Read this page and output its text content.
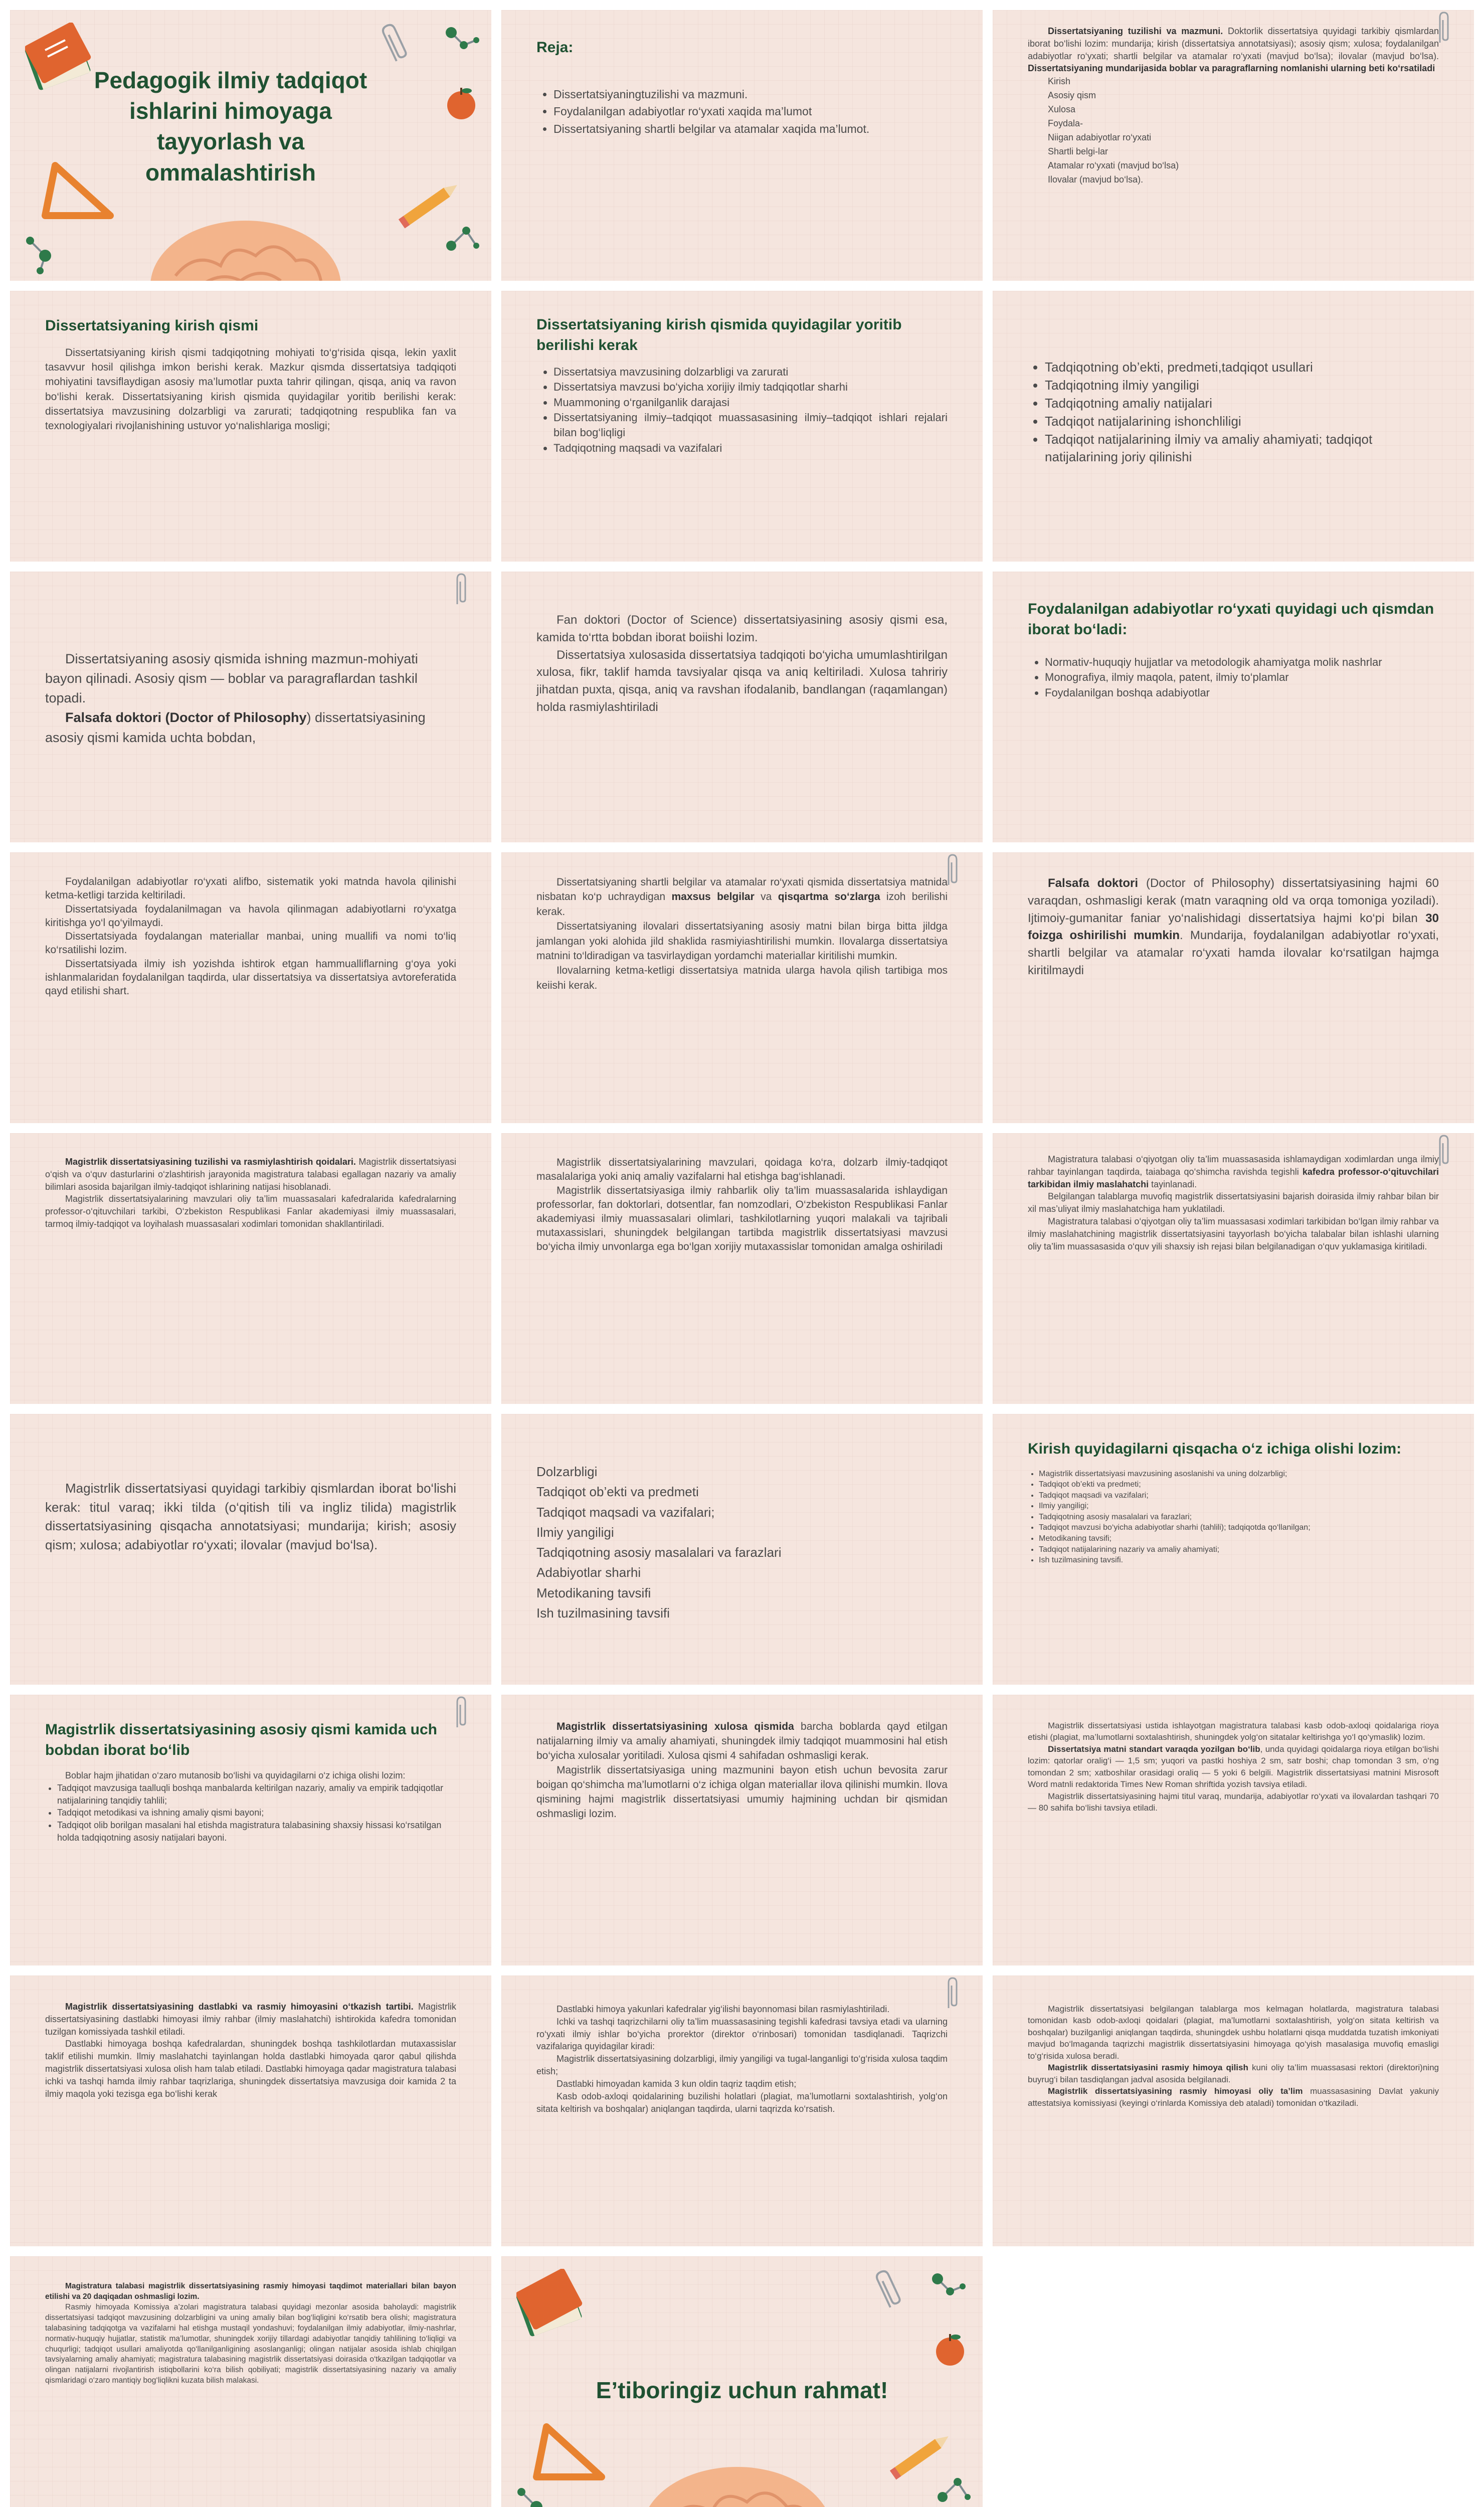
Pedagogik ilmiy tadqiqot ishlarini himoyaga tayyorlash va ommalashtirish
Reja:
• Dissertatsiyaningtuzilishi va mazmuni.
• Foydalanilgan adabiyotlar ro‘yxati xaqida ma’lumot
• Dissertatsiyaning shartli belgilar va atamalar xaqida ma’lumot.

Dissertatsiyaning tuzilishi va mazmuni. Doktorlik dissertatsiya quyidagi tarkibiy qismlardan iborat bo‘lishi lozim: mundarija; kirish (dissertatsiya annotatsiyasi); asosiy qism; xulosa; foydalanilgan adabiyotlar ro‘yxati; shartli belgilar va atamalar ro‘yxati (mavjud bo‘lsa); ilovalar (mavjud bo‘lsa). Dissertatsiyaning mundarijasida boblar va paragraflarning nomlanishi ularning beti ko‘rsatiladi

Kirish
Asosiy qism
Xulosa
Foydala-
Niigan adabiyotlar ro‘yxati
Shartli belgi-lar
Atamalar ro‘yxati (mavjud bo‘lsa)
Ilovalar (mavjud bo‘lsa).
Dissertatsiyaning kirish qismi

Dissertatsiyaning kirish qismi tadqiqotning mohiyati to‘g‘risida qisqa, lekin yaxlit tasavvur hosil qilishga imkon berishi kerak. Mazkur qismda dissertatsiya tadqiqoti mohiyatini tavsiflaydigan asosiy ma’lumotlar puxta tahrir qilingan, qisqa, aniq va ravon bo‘lishi kerak. Dissertatsiyaning kirish qismida quyidagilar yoritib berilishi kerak: dissertatsiya mavzusining dolzarbligi va zarurati; tadqiqotning respublika fan va texnologiyalari rivojlanishining ustuvor yo‘nalishlariga mosligi;

Dissertatsiyaning kirish qismida quyidagilar yoritib berilishi kerak
• Dissertatsiya mavzusining dolzarbligi va zarurati
• Dissertatsiya mavzusi bo‘yicha xorijiy ilmiy tadqiqotlar sharhi
• Muammoning o‘rganilganlik darajasi
• Dissertatsiyaning ilmiy–tadqiqot muassasasining ilmiy–tadqiqot ishlari rejalari bilan bog‘liqligi
• Tadqiqotning maqsadi va vazifalari
• Tadqiqotning ob’ekti, predmeti,tadqiqot usullari
• Tadqiqotning ilmiy yangiligi
• Tadqiqotning amaliy natijalari
• Tadqiqot natijalarining ishonchliligi
• Tadqiqot natijalarining ilmiy va amaliy ahamiyati; tadqiqot natijalarining joriy qilinishi

Dissertatsiyaning asosiy qismida ishning mazmun-mohiyati bayon qilinadi. Asosiy qism — boblar va paragraflardan tashkil topadi.

Falsafa doktori (Doctor of Philosophy) dissertatsiyasining asosiy qismi kamida uchta bobdan,

Fan doktori (Doctor of Science) dissertatsiyasining asosiy qismi esa, kamida to‘rtta bobdan iborat boiishi lozim.

Dissertatsiya xulosasida dissertatsiya tadqiqoti bo‘yicha umumlashtirilgan xulosa, fikr, taklif hamda tavsiyalar qisqa va aniq keltiriladi. Xulosa tahririy jihatdan puxta, qisqa, aniq va ravshan ifodalanib, bandlangan (raqamlangan) holda rasmiylashtiriladi

Foydalanilgan adabiyotlar ro‘yxati quyidagi uch qismdan iborat bo‘ladi:
• Normativ-huquqiy hujjatlar va metodologik ahamiyatga molik nashrlar
• Monografiya, ilmiy maqola, patent, ilmiy to‘plamlar
• Foydalanilgan boshqa adabiyotlar

Foydalanilgan adabiyotlar ro‘yxati alifbo, sistematik yoki matnda havola qilinishi ketma-ketligi tarzida keltiriladi.

Dissertatsiyada foydalanilmagan va havola qilinmagan adabiyotlarni ro‘yxatga kiritishga yo‘l qo‘yilmaydi.

Dissertatsiyada foydalangan materiallar manbai, uning muallifi va nomi to‘liq ko‘rsatilishi lozim.

Dissertatsiyada ilmiy ish yozishda ishtirok etgan hammualliflarning g‘oya yoki ishlanmalaridan foydalanilgan taqdirda, ular dissertatsiya va dissertatsiya avtoreferatida qayd etilishi shart.

Dissertatsiyaning shartli belgilar va atamalar ro‘yxati qismida dissertatsiya matnida nisbatan ko‘p uchraydigan maxsus belgilar va qisqartma so‘zlarga izoh berilishi kerak.

Dissertatsiyaning ilovalari dissertatsiyaning asosiy matni bilan birga bitta jildga jamlangan yoki alohida jild shaklida rasmiyiashtirilishi mumkin. Ilovalarga dissertatsiya matnini to‘ldiradigan va tasvirlaydigan yordamchi materiallar kiritilishi mumkin.

Ilovalarning ketma-ketligi dissertatsiya matnida ularga havola qilish tartibiga mos keiishi kerak.

Falsafa doktori (Doctor of Philosophy) dissertatsiyasining hajmi 60 varaqdan, oshmasligi kerak (matn varaqning old va orqa tomoniga yoziladi). Ijtimoiy-gumanitar faniar yo‘nalishidagi dissertatsiya hajmi ko‘pi bilan 30 foizga oshirilishi mumkin. Mundarija, foydalanilgan adabiyotlar ro‘yxati, shartli belgilar va atamalar ro‘yxati hamda ilovalar ko‘rsatilgan hajmga kiritilmaydi

Magistrlik dissertatsiyasining tuzilishi va rasmiylashtirish qoidalari. Magistrlik dissertatsiyasi o‘qish va o‘quv dasturlarini o‘zlashtirish jarayonida magistratura talabasi egallagan nazariy va amaliy bilimlari asosida bajarilgan ilmiy-tadqiqot ishlarining natijasi hisoblanadi.

Magistrlik dissertatsiyalarining mavzulari oliy ta’lim muassasalari kafedralarida kafedralarning professor-o‘qituvchilari tarkibi, O‘zbekiston Respublikasi Fanlar akademiyasi ilmiy muassasalari, tarmoq ilmiy-tadqiqot va loyihalash muassasalari xodimlari tomonidan shakllantiriladi.

Magistrlik dissertatsiyalarining mavzulari, qoidaga ko‘ra, dolzarb ilmiy-tadqiqot masalalariga yoki aniq amaliy vazifalarni hal etishga bag‘ishlanadi.

Magistrlik dissertatsiyasiga ilmiy rahbarlik oliy ta’lim muassasalarida ishlaydigan professorlar, fan doktorlari, dotsentlar, fan nomzodlari, O‘zbekiston Respublikasi Fanlar akademiyasi ilmiy muassasalari olimlari, tashkilotlarning yuqori malakali va tajribali mutaxassislari, shuningdek belgilangan tartibda magistrlik dissertatsiyasi mavzusi bo‘yicha ilmiy unvonlarga ega bo‘lgan xorijiy mutaxassislar tomonidan amalga oshiriladi

Magistratura talabasi o‘qiyotgan oliy ta’lim muassasasida ishlamaydigan xodimlardan unga ilmiy rahbar tayinlangan taqdirda, taiabaga qo‘shimcha ravishda tegishli kafedra professor-o‘qituvchilari tarkibidan ilmiy maslahatchi tayinlanadi.

Belgilangan talablarga muvofiq magistrlik dissertatsiyasini bajarish doirasida ilmiy rahbar bilan bir xil mas’uliyat ilmiy maslahatchiga ham yuklatiladi.

Magistratura talabasi o‘qiyotgan oliy ta’lim muassasasi xodimlari tarkibidan bo‘lgan ilmiy rahbar va ilmiy maslahatchining magistrlik dissertatsiyasini tayyorlash bo‘yicha talabalar bilan ishlashi ularning oliy ta’lim muassasasida o‘quv yili shaxsiy ish rejasi bilan belgilanadigan o‘quv yuklamasiga kiritiladi.

Magistrlik dissertatsiyasi quyidagi tarkibiy qismlardan iborat bo‘lishi kerak: titul varaq; ikki tilda (o‘qitish tili va ingliz tilida) magistrlik dissertatsiyasining qisqacha annotatsiyasi; mundarija; kirish; asosiy qism; xulosa; adabiyotlar ro‘yxati; ilovalar (mavjud bo‘lsa).

Dolzarbligi
Tadqiqot ob’ekti va predmeti
Tadqiqot maqsadi va vazifalari;
Ilmiy yangiligi
Tadqiqotning asosiy masalalari va farazlari
Adabiyotlar sharhi
Metodikaning tavsifi
Ish tuzilmasining tavsifi
Kirish quyidagilarni qisqacha o‘z ichiga olishi lozim:
• Magistrlik dissertatsiyasi mavzusining asoslanishi va uning dolzarbligi;
• Tadqiqot ob’ekti va predmeti;
• Tadqiqot maqsadi va vazifalari;
• Ilmiy yangiligi;
• Tadqiqotning asosiy masalalari va farazlari;
• Tadqiqot mavzusi bo‘yicha adabiyotlar sharhi (tahlili); tadqiqotda qo‘llanilgan;
• Metodikaning tavsifi;
• Tadqiqot natijalarining nazariy va amaliy ahamiyati;
• Ish tuzilmasining tavsifi.
Magistrlik dissertatsiyasining asosiy qismi kamida uch bobdan iborat bo‘lib

Boblar hajm jihatidan o‘zaro mutanosib bo‘lishi va quyidagilarni o‘z ichiga olishi lozim:

• Tadqiqot mavzusiga taalluqli boshqa manbalarda keltirilgan nazariy, amaliy va empirik tadqiqotlar natijalarining tanqidiy tahlili;
• Tadqiqot metodikasi va ishning amaliy qismi bayoni;
• Tadqiqot olib borilgan masalani hal etishda magistratura talabasining shaxsiy hissasi ko‘rsatilgan holda tadqiqotning asosiy natijalari bayoni.

Magistrlik dissertatsiyasining xulosa qismida barcha boblarda qayd etilgan natijalarning ilmiy va amaliy ahamiyati, shuningdek ilmiy tadqiqot muammosini hal etish bo‘yicha xulosalar yoritiladi. Xulosa qismi 4 sahifadan oshmasligi kerak.

Magistrlik dissertatsiyasiga uning mazmunini bayon etish uchun bevosita zarur boigan qo‘shimcha ma’lumotlarni o‘z ichiga olgan materiallar ilova qilinishi mumkin. Ilova qismining hajmi magistrlik dissertatsiyasi umumiy hajmining uchdan bir qismidan oshmasligi lozim.

Magistrlik dissertatsiyasi ustida ishlayotgan magistratura talabasi kasb odob-axloqi qoidalariga rioya etishi (plagiat, ma’lumotlarni soxtalashtirish, shuningdek yolg‘on sitatalar keltirishga yo‘l qo‘ymaslik) lozim.

Dissertatsiya matni standart varaqda yozilgan bo‘lib, unda quyidagi qoidalarga rioya etilgan bo‘lishi lozim: qatorlar oralig‘i — 1,5 sm; yuqori va pastki hoshiya 2 sm, satr boshi; chap tomondan 3 sm, o‘ng tomondan 2 sm; xatboshilar orasidagi oraliq — 5 yoki 6 belgili. Magistrlik dissertatsiyasi matnini Misrosoft Word matnli redaktorida Times New Roman shriftida yozish tavsiya etiladi.

Magistrlik dissertatsiyasining hajmi titul varaq, mundarija, adabiyotlar ro‘yxati va ilovalardan tashqari 70 — 80 sahifa bo‘lishi tavsiya etiladi.

Magistrlik dissertatsiyasining dastlabki va rasmiy himoyasini o‘tkazish tartibi. Magistrlik dissertatsiyasining dastlabki himoyasi ilmiy rahbar (ilmiy maslahatchi) ishtirokida kafedra tomonidan tuzilgan komissiyada tashkil etiladi.

Dastlabki himoyaga boshqa kafedralardan, shuningdek boshqa tashkilotlardan mutaxassislar taklif etilishi mumkin. Ilmiy maslahatchi tayinlangan holda dastlabki himoyada qaror qabul qilishda magistrlik dissertatsiyasi xulosa olish ham talab etiladi. Dastlabki himoyaga qadar magistratura talabasi ichki va tashqi hamda ilmiy rahbar taqrizlariga, shuningdek dissertatsiya mavzusiga doir kamida 2 ta ilmiy maqola yoki tezisga ega bo‘lishi kerak

Dastlabki himoya yakunlari kafedralar yig‘ilishi bayonnomasi bilan rasmiylashtiriladi.

Ichki va tashqi taqrizchilarni oliy ta’lim muassasasining tegishli kafedrasi tavsiya etadi va ularning ro‘yxati ilmiy ishlar bo‘yicha prorektor (direktor o‘rinbosari) tomonidan tasdiqlanadi. Taqrizchi vazifalariga quyidagilar kiradi:

Magistrlik dissertatsiyasining dolzarbligi, ilmiy yangiligi va tugal-langanligi to‘g‘risida xulosa taqdim etish;

Dastlabki himoyadan kamida 3 kun oldin taqriz taqdim etish;

Kasb odob-axloqi qoidalarining buzilishi holatlari (plagiat, ma’lumotlarni soxtalashtirish, yolg‘on sitata keltirish va boshqalar) aniqlangan taqdirda, ularni taqrizda ko‘rsatish.

Magistrlik dissertatsiyasi belgilangan talablarga mos kelmagan holatlarda, magistratura talabasi tomonidan kasb odob-axloqi qoidalari (plagiat, ma’lumotlarni soxtalashtirish, yolg‘on sitata keltirish va boshqalar) buzilganligi aniqlangan taqdirda, shuningdek ushbu holatlarni qisqa muddatda tuzatish imkoniyati mavjud bo‘lmaganda taqrizchi magistrlik dissertatsiyasini himoyaga qo‘yish masalasiga muvofiq emasligi to‘g‘risida xulosa beradi.

Magistrlik dissertatsiyasini rasmiy himoya qilish kuni oliy ta’lim muassasasi rektori (direktori)ning buyrug‘i bilan tasdiqlangan jadval asosida belgilanadi.

Magistrlik dissertatsiyasining rasmiy himoyasi oliy ta’lim muassasasining Davlat yakuniy attestatsiya komissiyasi (keyingi o‘rinlarda Komissiya deb ataladi) tomonidan o‘tkaziladi.

Magistratura talabasi magistrlik dissertatsiyasining rasmiy himoyasi taqdimot materiallari bilan bayon etilishi va 20 daqiqadan oshmasligi lozim.

Rasmiy himoyada Komissiya a’zolari magistratura talabasi quyidagi mezonlar asosida baholaydi: magistrlik dissertatsiyasi tadqiqot mavzusining dolzarbligini va uning amaliy bilan bog‘liqligini ko‘rsatib bera olishi; magistratura talabasining tadqiqotga va vazifalarni hal etishga mustaqil yondashuvi; foydalanilgan ilmiy adabiyotlar, ilmiy-nashrlar, normativ-huquqiy hujjatlar, statistik ma’lumotlar, shuningdek xorijiy tillardagi adabiyotlar tanqidiy tahlilining to‘liqligi va chuqurligi; tadqiqot usullari amaliyotda qo‘llanilganligining asoslanganligi; olingan natijalar asosida ishlab chiqilgan tavsiyalarning amaliy ahamiyati; magistratura talabasining magistrlik dissertatsiyasi doirasida o‘tkazilgan tadqiqotlar va olingan natijalarni rivojlantirish istiqbollarini ko‘ra bilish qobiliyati; magistrlik dissertatsiyasining nazariy va amaliy qismlaridagi o‘zaro mantiqiy bog‘liqlikni kuzata bilish malakasi.	E’tiboringiz uchun rahmat!
